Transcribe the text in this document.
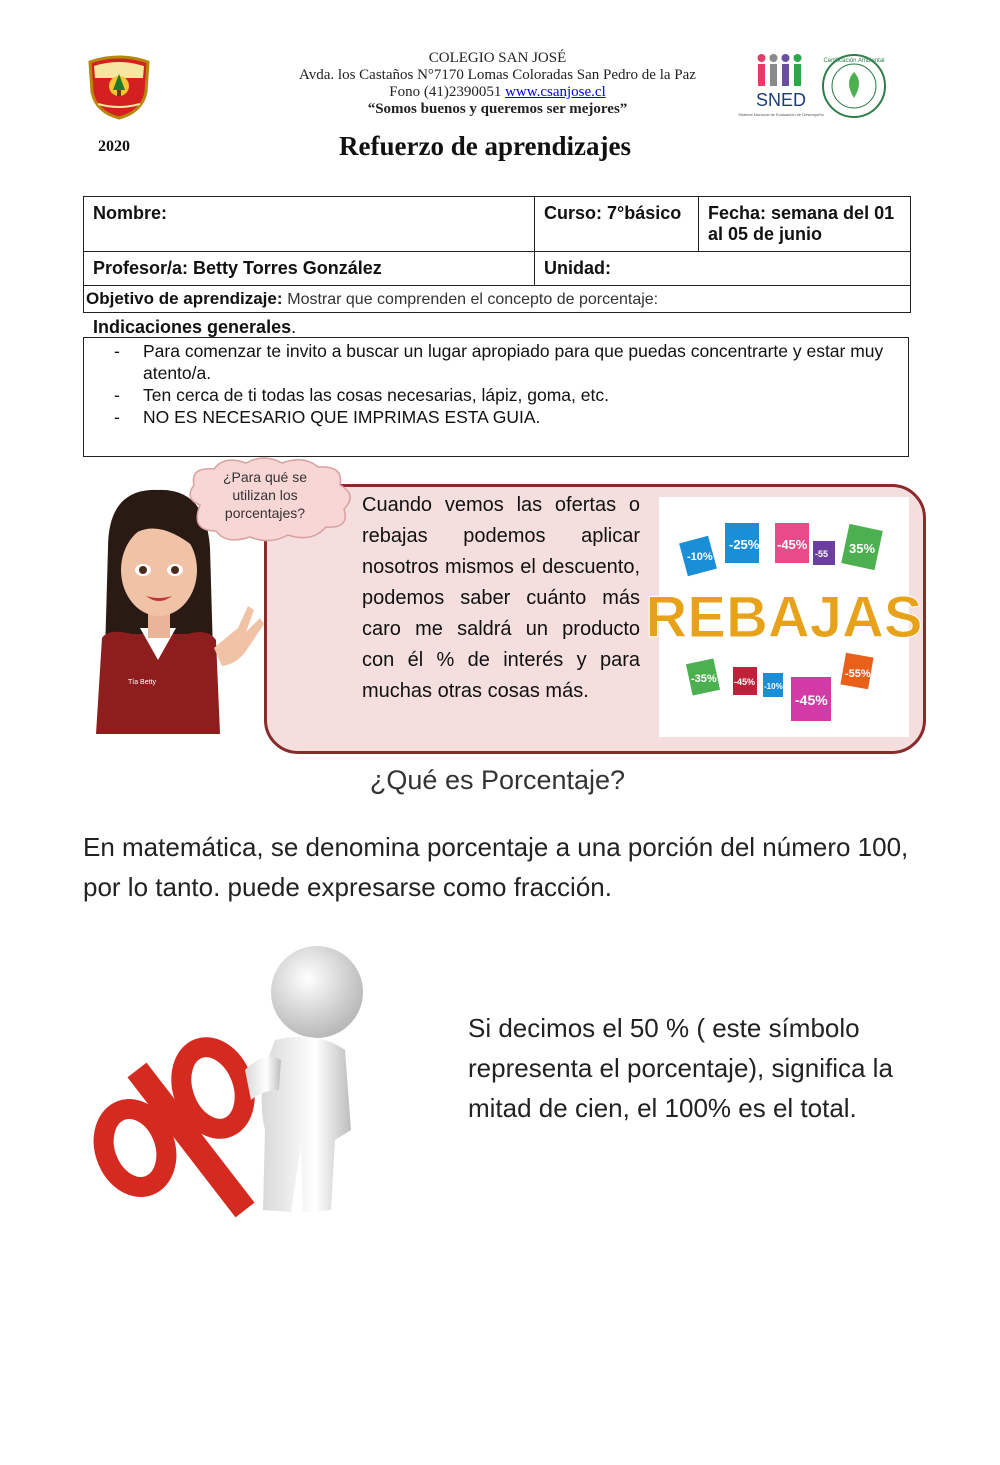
COLEGIO SAN JOSÉ
Avda. los Castaños N°7170 Lomas Coloradas San Pedro de la Paz
Fono (41)2390051 www.csanjose.cl
“Somos buenos y queremos ser mejores”	SNED
Sistema Nacional de Evaluación de Desempeño
Certificación Ambiental
2020	Refuerzo de aprendizajes
Nombre:	Curso: 7°básico	Fecha: semana del 01 al 05 de junio
Profesor/a: Betty Torres González	Unidad:	
Objetivo de aprendizaje: Mostrar que comprenden el concepto de porcentaje:		
Indicaciones generales.
- Para comenzar te invito a buscar un lugar apropiado para que puedas concentrarte y estar muy atento/a.
- Ten cerca de ti todas las cosas necesarias, lápiz, goma, etc.
- NO ES NECESARIO QUE IMPRIMAS ESTA GUIA.
Tía Betty
¿Para qué se utilizan los porcentajes?	Cuando vemos las ofertas o rebajas podemos aplicar nosotros mismos el descuento, podemos saber cuánto más caro me saldrá un producto con él % de interés y para muchas otras cosas más.
-10%
-25% -45%
-55 35%
REBAJAS
-35% -45% -10%
-45%
-55%
¿Qué es Porcentaje?
En matemática, se denomina porcentaje a una porción del número 100, por lo tanto. puede expresarse como fracción.
%
Si decimos el 50 % ( este símbolo representa el porcentaje), significa la mitad de cien, el 100% es el total.
